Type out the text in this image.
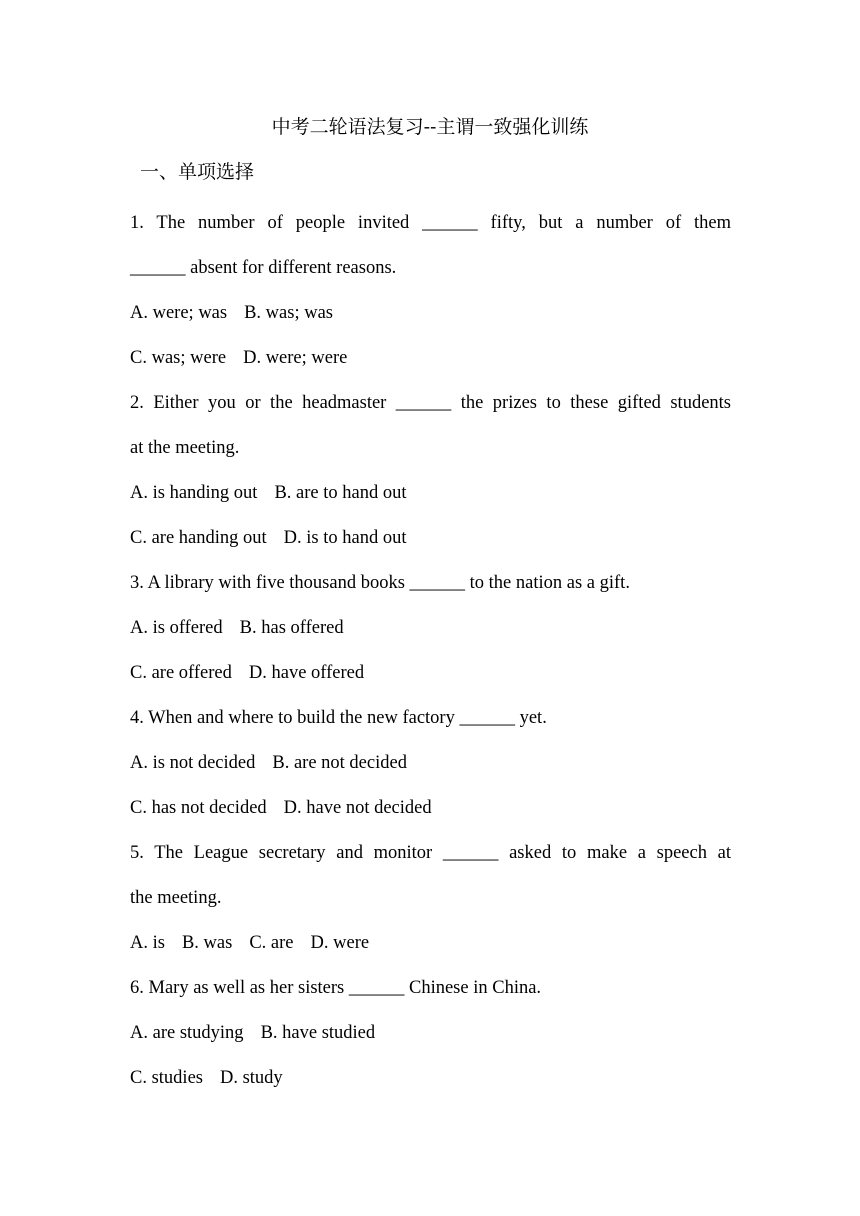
中考二轮语法复习--主谓一致强化训练
一、单项选择
1. The number of people invited ______ fifty, but a number of them
______ absent for different reasons.
A. were; was B. was; was
C. was; were D. were; were
2. Either you or the headmaster ______ the prizes to these gifted students
at the meeting.
A. is handing out B. are to hand out
C. are handing out D. is to hand out
3. A library with five thousand books ______ to the nation as a gift.
A. is offered B. has offered
C. are offered D. have offered
4. When and where to build the new factory ______ yet.
A. is not decided B. are not decided
C. has not decided D. have not decided
5. The League secretary and monitor ______ asked to make a speech at
the meeting.
A. is B. was C. are D. were
6. Mary as well as her sisters ______ Chinese in China.
A. are studying B. have studied
C. studies D. study
